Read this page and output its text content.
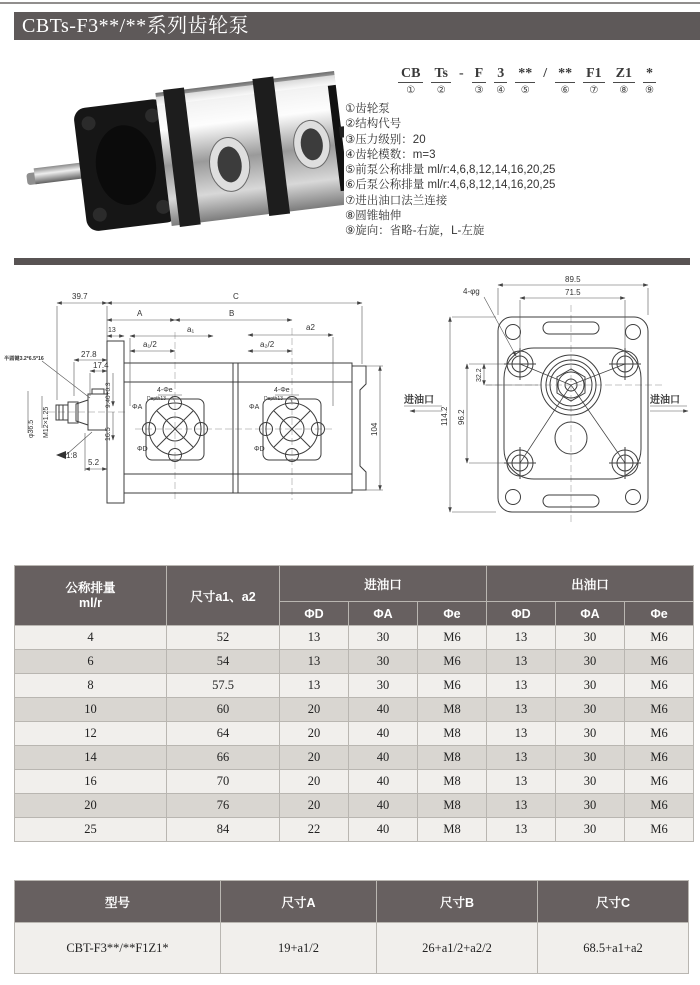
CBTs-F3**/**系列齿轮泵
CB
①
Ts
②
- F
③
3
④
**
⑤
/ **
⑥
F1
⑦
Z1
⑧
*
⑨
①齿轮泵
②结构代号
③压力级别：20
④齿轮模数：m=3
⑤前泵公称排量 ml/r:4,6,8,12,14,16,20,25
⑥后泵公称排量 ml/r:4,6,8,12,14,16,20,25
⑦进出油口法兰连接
⑧圆锥轴伸
⑨旋向：省略-右旋，L-左旋
39.7	C
A	B
13	a₁	a2
a₁/2	a₂/2
27.8
17.4
半圆键3.2*6.5*16
φ36.5 M12×1.25
9.40+0.3
16.5
1:8
5.2
104
4-Φe
Depth13
ΦA
ΦD
4-Φe
Depth13
ΦA
ΦD
89.5
71.5
4-φg
114.2 96.2
32.2
进油口	进油口
公称排量
ml/r	尺寸a1、a2	进油口			出油口		
		ΦD	ΦA	Φe	ΦD	ΦA	Φe
4	52	13	30	M6	13	30	M6
6	54	13	30	M6	13	30	M6
8	57.5	13	30	M6	13	30	M6
10	60	20	40	M8	13	30	M6
12	64	20	40	M8	13	30	M6
14	66	20	40	M8	13	30	M6
16	70	20	40	M8	13	30	M6
20	76	20	40	M8	13	30	M6
25	84	22	40	M8	13	30	M6
型号	尺寸A	尺寸B	尺寸C
CBT-F3**/**F1Z1*	19+a1/2	26+a1/2+a2/2	68.5+a1+a2
